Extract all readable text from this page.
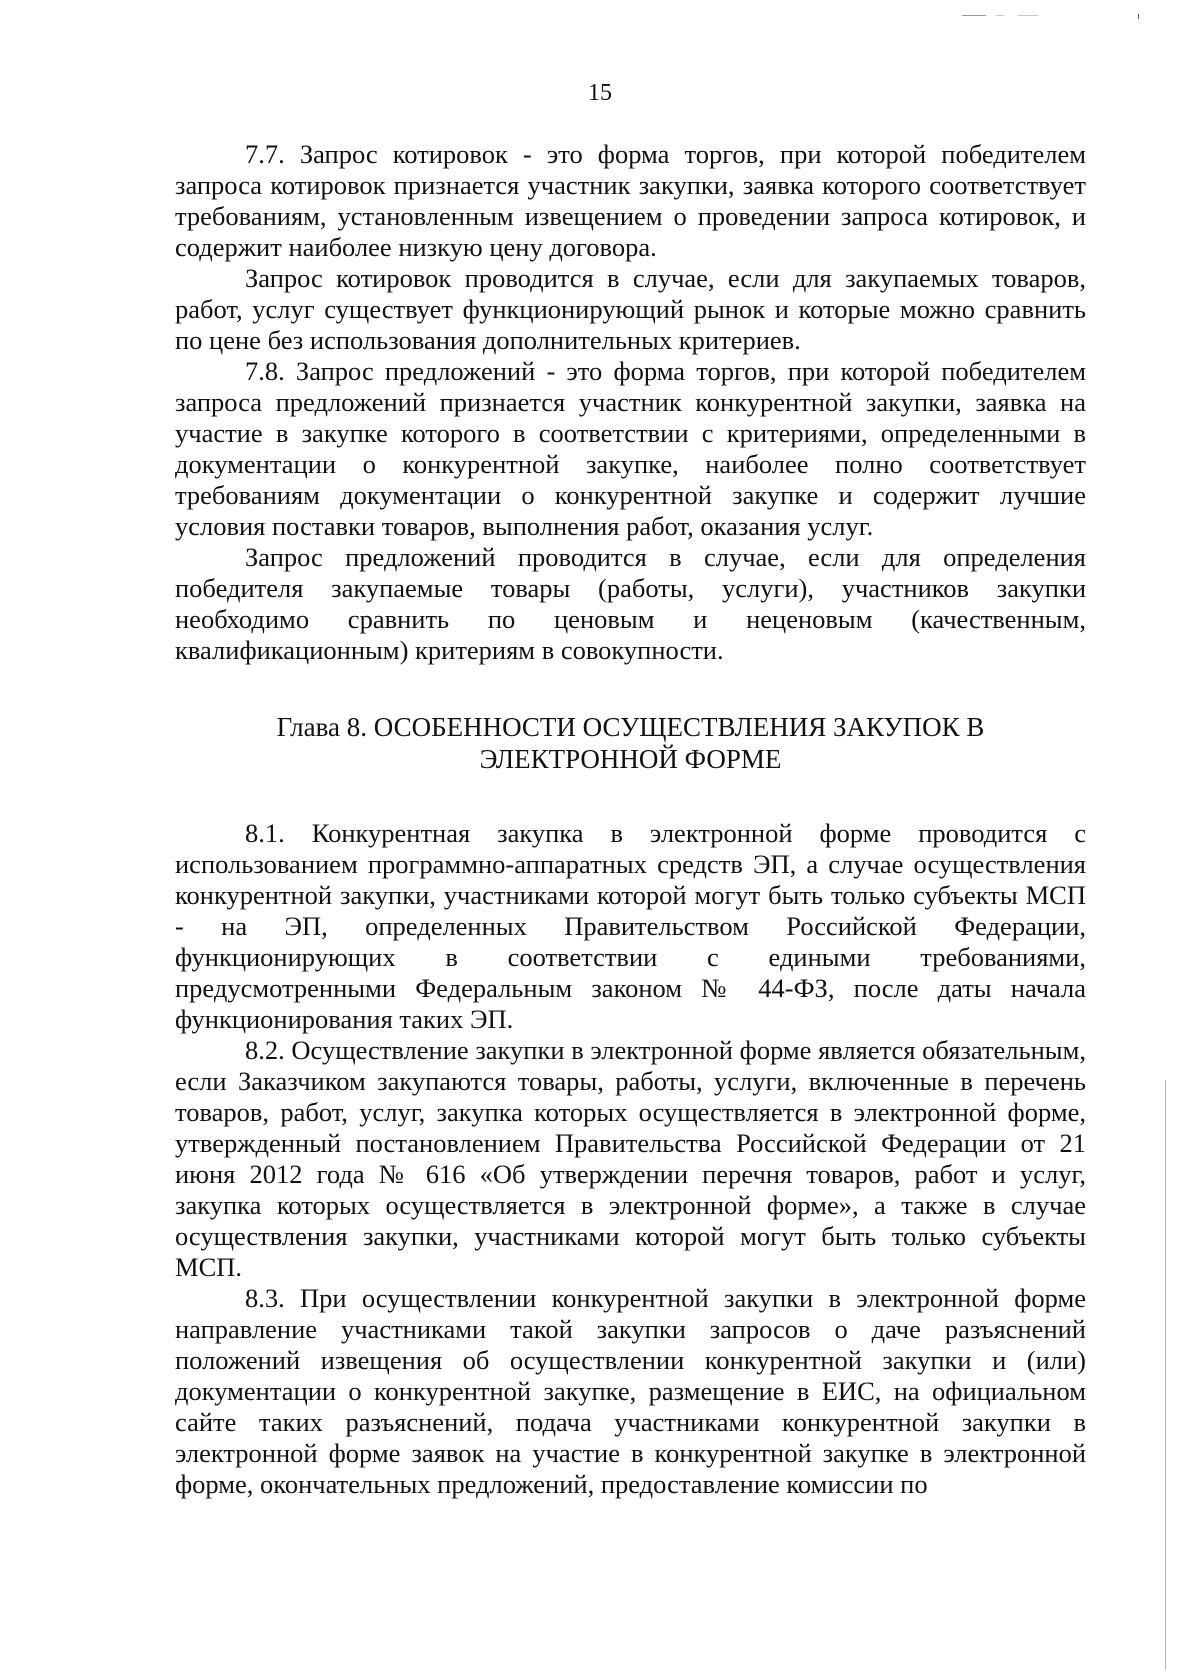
15

7.7. Запрос котировок - это форма торгов, при которой победителем запроса котировок признается участник закупки, заявка которого соответствует требованиям, установленным извещением о проведении запроса котировок, и содержит наиболее низкую цену договора.

Запрос котировок проводится в случае, если для закупаемых товаров, работ, услуг существует функционирующий рынок и которые можно сравнить по цене без использования дополнительных критериев.

7.8. Запрос предложений - это форма торгов, при которой победителем запроса предложений признается участник конкурентной закупки, заявка на участие в закупке которого в соответствии с критериями, определенными в документации о конкурентной закупке, наиболее полно соответствует требованиям документации о конкурентной закупке и содержит лучшие условия поставки товаров, выполнения работ, оказания услуг.

Запрос предложений проводится в случае, если для определения победителя закупаемые товары (работы, услуги), участников закупки необходимо сравнить по ценовым и неценовым (качественным, квалификационным) критериям в совокупности.

Глава 8. ОСОБЕННОСТИ ОСУЩЕСТВЛЕНИЯ ЗАКУПОК В
ЭЛЕКТРОННОЙ ФОРМЕ

8.1. Конкурентная закупка в электронной форме проводится с использованием программно-аппаратных средств ЭП, а случае осуществления конкурентной закупки, участниками которой могут быть только субъекты МСП - на ЭП, определенных Правительством Российской Федерации, функционирующих в соответствии с едиными требованиями, предусмотренными Федеральным законом № 44-ФЗ, после даты начала функционирования таких ЭП.

8.2. Осуществление закупки в электронной форме является обязательным, если Заказчиком закупаются товары, работы, услуги, включенные в перечень товаров, работ, услуг, закупка которых осуществляется в электронной форме, утвержденный постановлением Правительства Российской Федерации от 21 июня 2012 года № 616 «Об утверждении перечня товаров, работ и услуг, закупка которых осуществляется в электронной форме», а также в случае осуществления закупки, участниками которой могут быть только субъекты МСП.

8.3. При осуществлении конкурентной закупки в электронной форме направление участниками такой закупки запросов о даче разъяснений положений извещения об осуществлении конкурентной закупки и (или) документации о конкурентной закупке, размещение в ЕИС, на официальном сайте таких разъяснений, подача участниками конкурентной закупки в электронной форме заявок на участие в конкурентной закупке в электронной форме, окончательных предложений, предоставление комиссии по
